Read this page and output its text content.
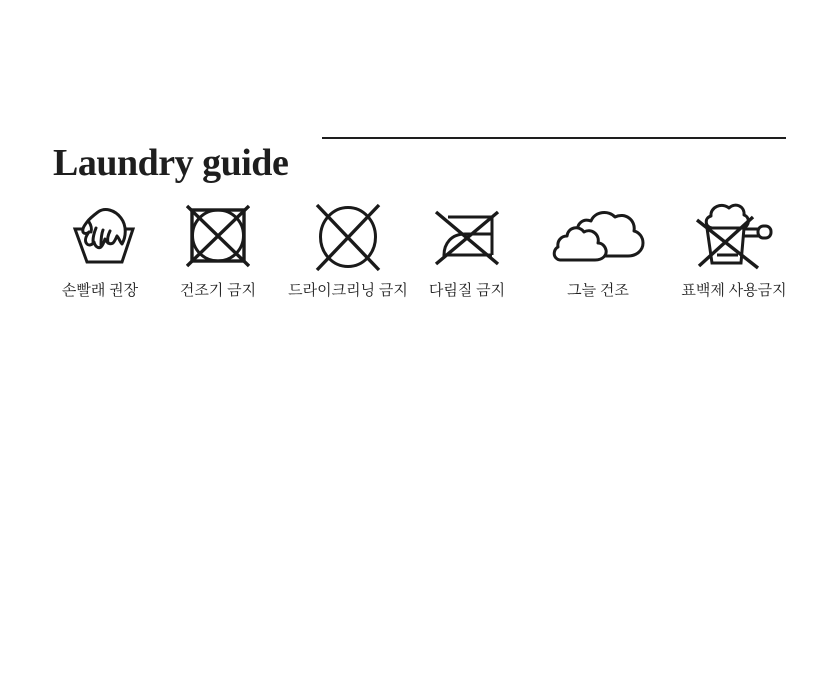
Laundry guide
손빨래 권장	건조기 금지 드라이크리닝 금지 다림질 금지	그늘 건조	표백제 사용금지
